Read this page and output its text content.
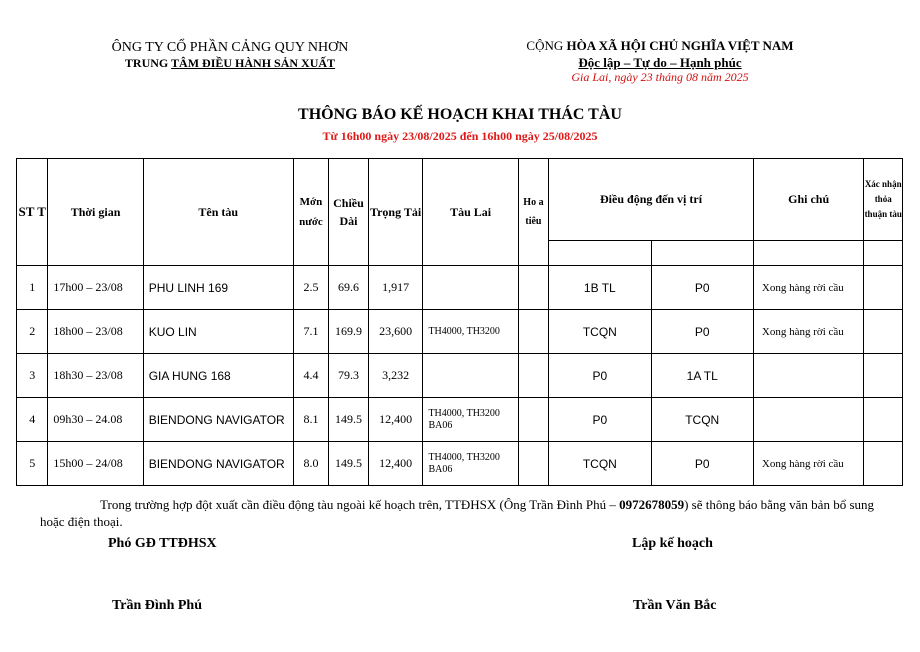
ÔNG TY CỔ PHẦN CẢNG QUY NHƠN
TRUNG TÂM ĐIỀU HÀNH SẢN XUẤT
CỘNG HÒA XÃ HỘI CHỦ NGHĨA VIỆT NAM
Độc lập – Tự do – Hạnh phúc
Gia Lai, ngày 23 tháng 08 năm 2025
THÔNG BÁO KẾ HOẠCH KHAI THÁC TÀU
Từ 16h00 ngày 23/08/2025 đến 16h00 ngày 25/08/2025
ST T	Thời gian	Tên tàu	Mớn nước	Chiều Dài	Trọng Tải	Tàu Lai	Ho a tiêu	Điều động đến vị trí		Ghi chú	Xác nhận thỏa thuận tàu

1	17h00 – 23/08	PHU LINH 169	2.5	69.6	1,917			1B TL	P0	Xong hàng rời cầu	
2	18h00 – 23/08	KUO LIN	7.1	169.9	23,600	TH4000, TH3200		TCQN	P0	Xong hàng rời cầu	
3	18h30 – 23/08	GIA HUNG 168	4.4	79.3	3,232			P0	1A TL		
4	09h30 – 24.08	BIENDONG NAVIGATOR	8.1	149.5	12,400	TH4000, TH3200 BA06		P0	TCQN		
5	15h00 – 24/08	BIENDONG NAVIGATOR	8.0	149.5	12,400	TH4000, TH3200 BA06		TCQN	P0	Xong hàng rời cầu	
Trong trường hợp đột xuất cần điều động tàu ngoài kế hoạch trên, TTĐHSX (Ông Trần Đình Phú – 0972678059) sẽ thông báo bằng văn bản bổ sung hoặc điện thoại.
Phó GĐ TTĐHSX	Lập kế hoạch
Trần Đình Phú	Trần Văn Bắc
